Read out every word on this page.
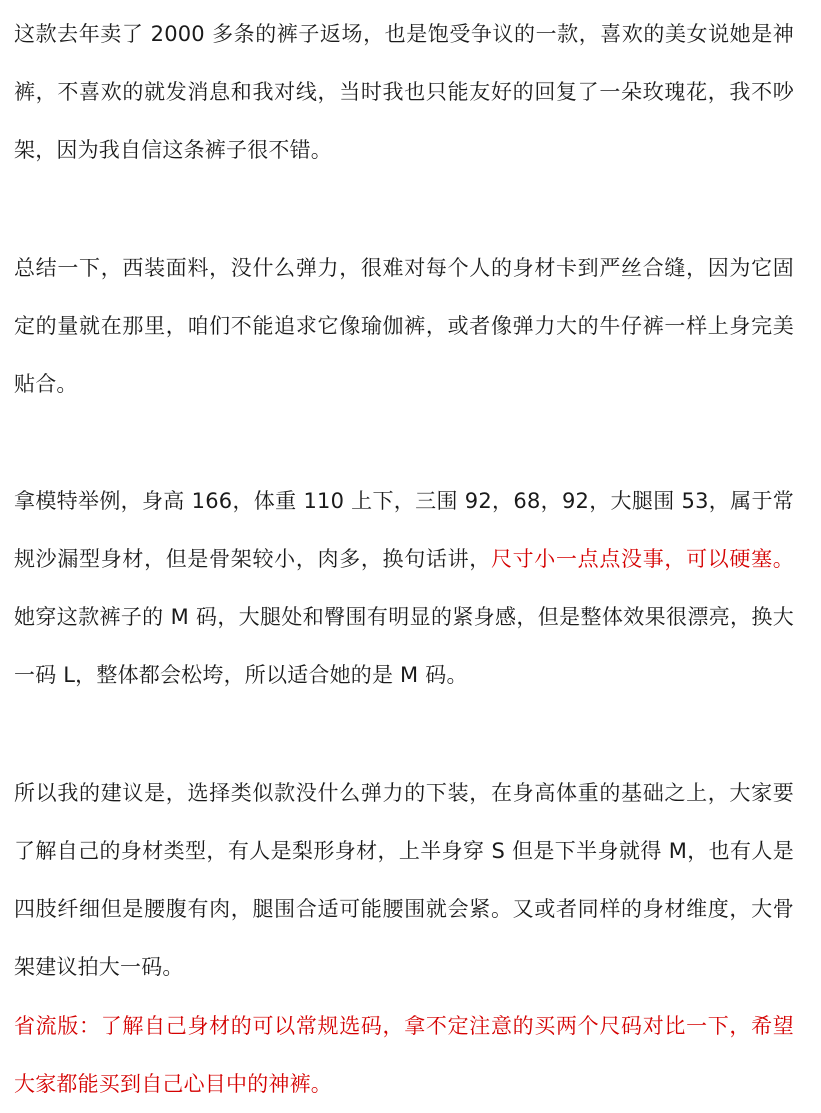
这款去年卖了 2000 多条的裤子返场，也是饱受争议的一款，喜欢的美女说她是神裤，不喜欢的就发消息和我对线，当时我也只能友好的回复了一朵玫瑰花，我不吵架，因为我自信这条裤子很不错。

总结一下，西装面料，没什么弹力，很难对每个人的身材卡到严丝合缝，因为它固定的量就在那里，咱们不能追求它像瑜伽裤，或者像弹力大的牛仔裤一样上身完美贴合。

拿模特举例，身高 166，体重 110 上下，三围 92，68，92，大腿围 53，属于常规沙漏型身材，但是骨架较小，肉多，换句话讲，尺寸小一点点没事，可以硬塞。她穿这款裤子的 M 码，大腿处和臀围有明显的紧身感，但是整体效果很漂亮，换大一码 L，整体都会松垮，所以适合她的是 M 码。

所以我的建议是，选择类似款没什么弹力的下装，在身高体重的基础之上，大家要了解自己的身材类型，有人是梨形身材，上半身穿 S 但是下半身就得 M，也有人是四肢纤细但是腰腹有肉，腿围合适可能腰围就会紧。又或者同样的身材维度，大骨架建议拍大一码。

省流版：了解自己身材的可以常规选码，拿不定注意的买两个尺码对比一下，希望大家都能买到自己心目中的神裤。
